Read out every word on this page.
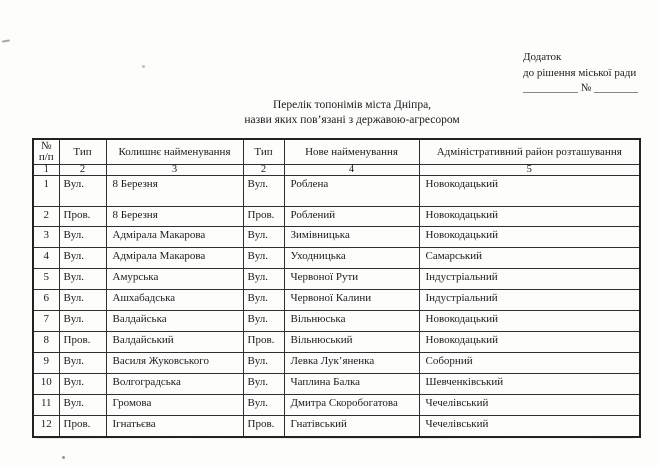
Додаток
до рішення міської ради
__________ № ________
Перелік топонімів міста Дніпра,
назви яких пов’язані з державою-агресором
№
п/п	Тип	Колишнє найменування	Тип	Нове найменування	Адміністративний район розташування
1	2	3	2	4	5
1	Вул.	8 Березня	Вул.	Роблена	Новокодацький
2	Пров.	8 Березня	Пров.	Роблений	Новокодацький
3	Вул.	Адмірала Макарова	Вул.	Зимівницька	Новокодацький
4	Вул.	Адмірала Макарова	Вул.	Уходницька	Самарський
5	Вул.	Амурська	Вул.	Червоної Рути	Індустріальний
6	Вул.	Ашхабадська	Вул.	Червоної Калини	Індустріальний
7	Вул.	Валдайська	Вул.	Вільнюська	Новокодацький
8	Пров.	Валдайський	Пров.	Вільнюський	Новокодацький
9	Вул.	Василя Жуковського	Вул.	Левка Лук’яненка	Соборний
10	Вул.	Волгоградська	Вул.	Чаплина Балка	Шевченківський
11	Вул.	Громова	Вул.	Дмитра Скоробогатова	Чечелівський
12	Пров.	Ігнатьєва	Пров.	Гнатівський	Чечелівський
